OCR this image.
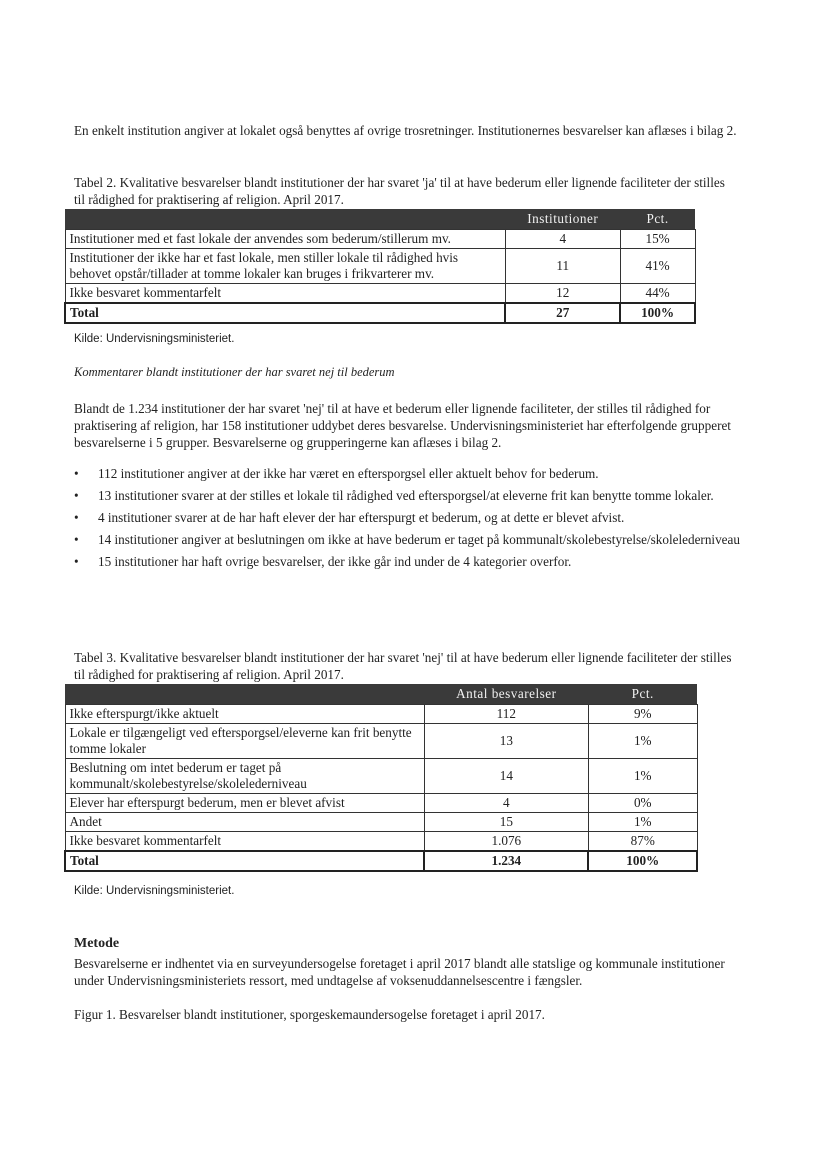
En enkelt institution angiver at lokalet også benyttes af ovrige trosretninger. Institutionernes besvarelser kan aflæses i bilag 2.

Tabel 2. Kvalitative besvarelser blandt institutioner der har svaret 'ja' til at have bederum eller lignende faciliteter der stilles til rådighed for praktisering af religion. April 2017.

	Institutioner	Pct.
Institutioner med et fast lokale der anvendes som bederum/stillerum mv.	4	15%
Institutioner der ikke har et fast lokale, men stiller lokale til rådighed hvis behovet opstår/tillader at tomme lokaler kan bruges i frikvarterer mv.	11	41%
Ikke besvaret kommentarfelt	12	44%
Total	27	100%
Kilde: Undervisningsministeriet.

Kommentarer blandt institutioner der har svaret nej til bederum

Blandt de 1.234 institutioner der har svaret 'nej' til at have et bederum eller lignende faciliteter, der stilles til rådighed for praktisering af religion, har 158 institutioner uddybet deres besvarelse. Undervisningsministeriet har efterfolgende grupperet besvarelserne i 5 grupper. Besvarelserne og grupperingerne kan aflæses i bilag 2.

• 112 institutioner angiver at der ikke har været en eftersporgsel eller aktuelt behov for bederum.
• 13 institutioner svarer at der stilles et lokale til rådighed ved eftersporgsel/at eleverne frit kan benytte tomme lokaler.
• 4 institutioner svarer at de har haft elever der har efterspurgt et bederum, og at dette er blevet afvist.
• 14 institutioner angiver at beslutningen om ikke at have bederum er taget på kommunalt/skolebestyrelse/skolelederniveau
• 15 institutioner har haft ovrige besvarelser, der ikke går ind under de 4 kategorier overfor.

Tabel 3. Kvalitative besvarelser blandt institutioner der har svaret 'nej' til at have bederum eller lignende faciliteter der stilles til rådighed for praktisering af religion. April 2017.

	Antal besvarelser	Pct.
Ikke efterspurgt/ikke aktuelt	112	9%
Lokale er tilgængeligt ved eftersporgsel/eleverne kan frit benytte tomme lokaler	13	1%
Beslutning om intet bederum er taget på kommunalt/skolebestyrelse/skolelederniveau	14	1%
Elever har efterspurgt bederum, men er blevet afvist	4	0%
Andet	15	1%
Ikke besvaret kommentarfelt	1.076	87%
Total	1.234	100%
Kilde: Undervisningsministeriet.

Metode

Besvarelserne er indhentet via en surveyundersogelse foretaget i april 2017 blandt alle statslige og kommunale institutioner under Undervisningsministeriets ressort, med undtagelse af voksenuddannelsescentre i fængsler.

Figur 1. Besvarelser blandt institutioner, sporgeskemaundersogelse foretaget i april 2017.
